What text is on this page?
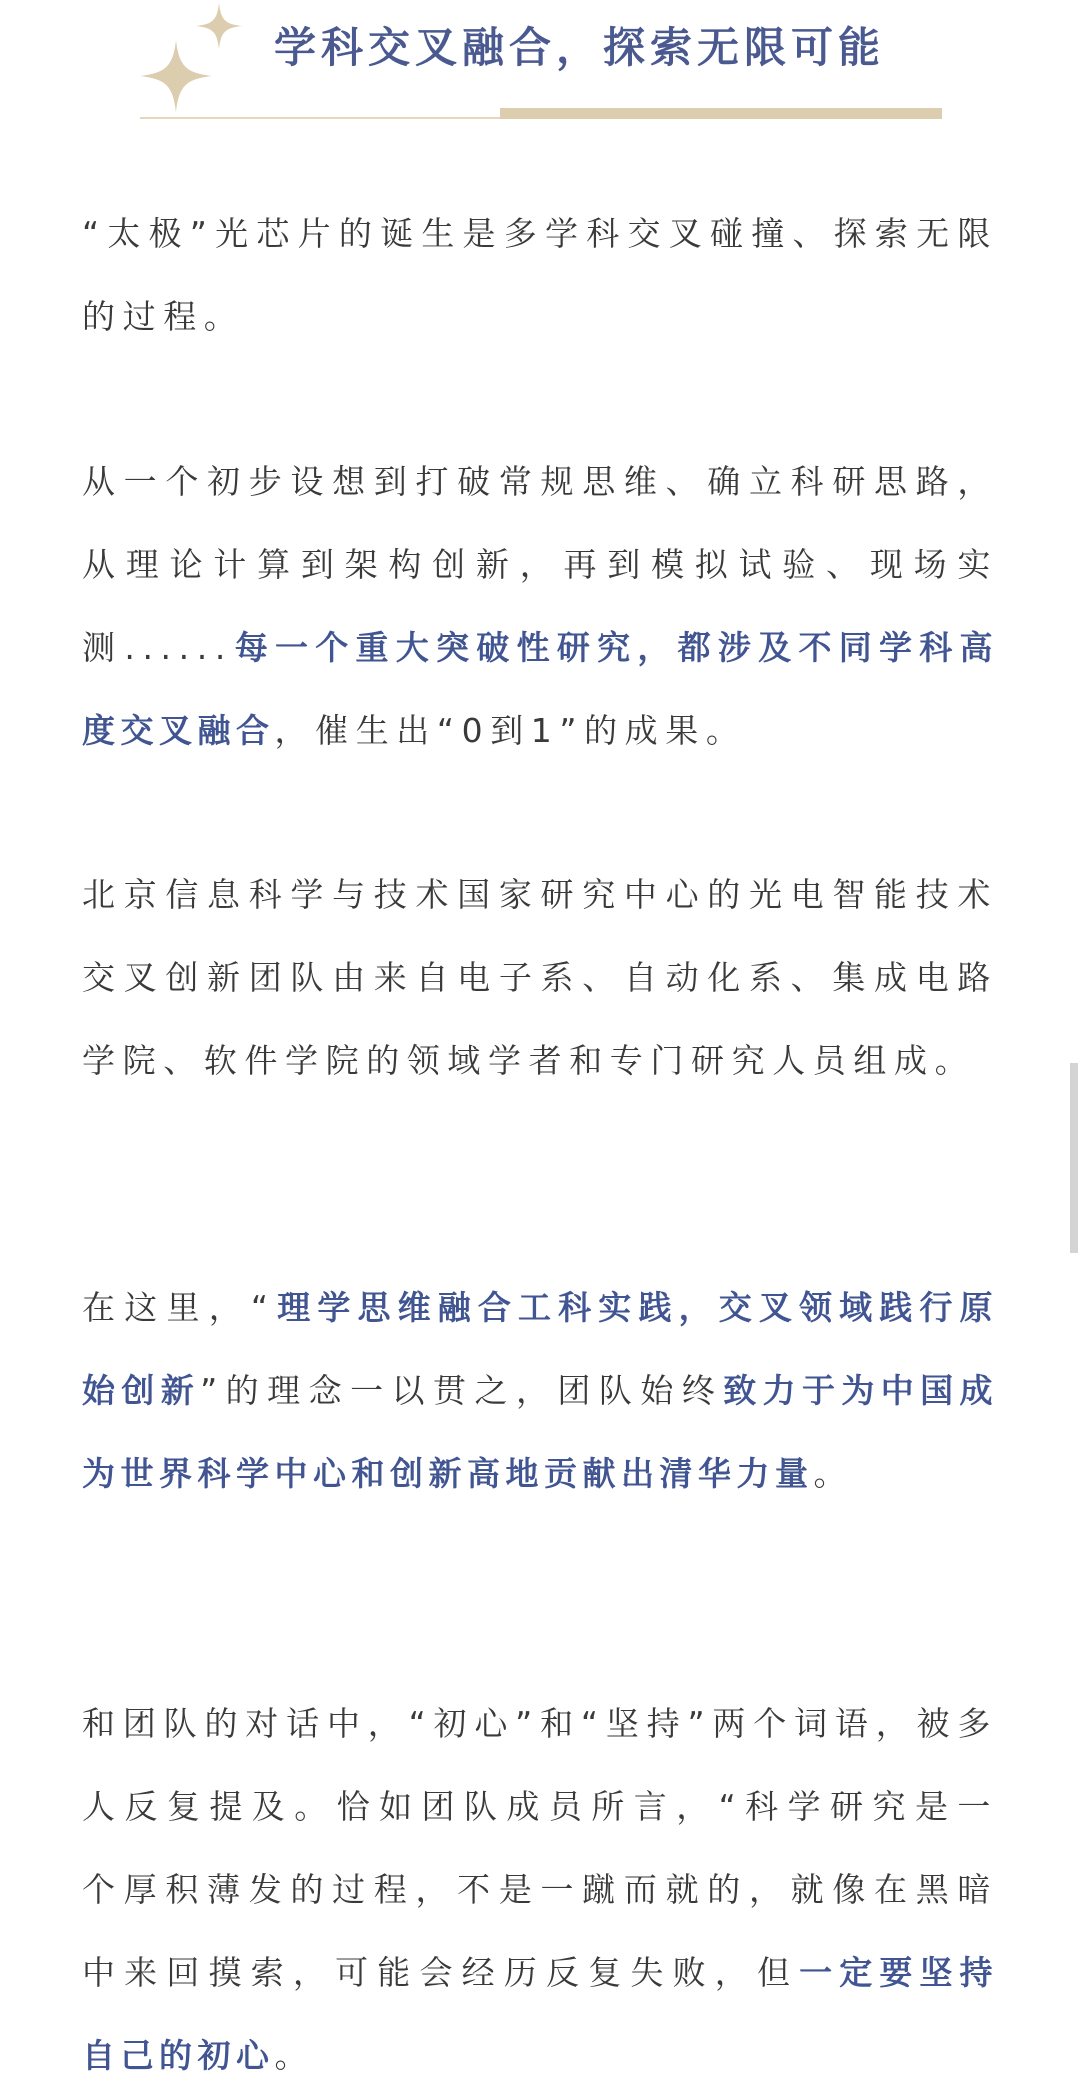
学科交叉融合，探索无限可能

“太极”光芯片的诞生是多学科交叉碰撞、探索无限的过程。

从一个初步设想到打破常规思维、确立科研思路，从理论计算到架构创新，再到模拟试验、现场实测......每一个重大突破性研究，都涉及不同学科高度交叉融合，催生出“0到1”的成果。

北京信息科学与技术国家研究中心的光电智能技术交叉创新团队由来自电子系、自动化系、集成电路学院、软件学院的领域学者和专门研究人员组成。

在这里，“理学思维融合工科实践，交叉领域践行原始创新”的理念一以贯之，团队始终致力于为中国成为世界科学中心和创新高地贡献出清华力量。

和团队的对话中，“初心”和“坚持”两个词语，被多人反复提及。恰如团队成员所言，“科学研究是一个厚积薄发的过程，不是一蹴而就的，就像在黑暗中来回摸索，可能会经历反复失败，但一定要坚持自己的初心。
